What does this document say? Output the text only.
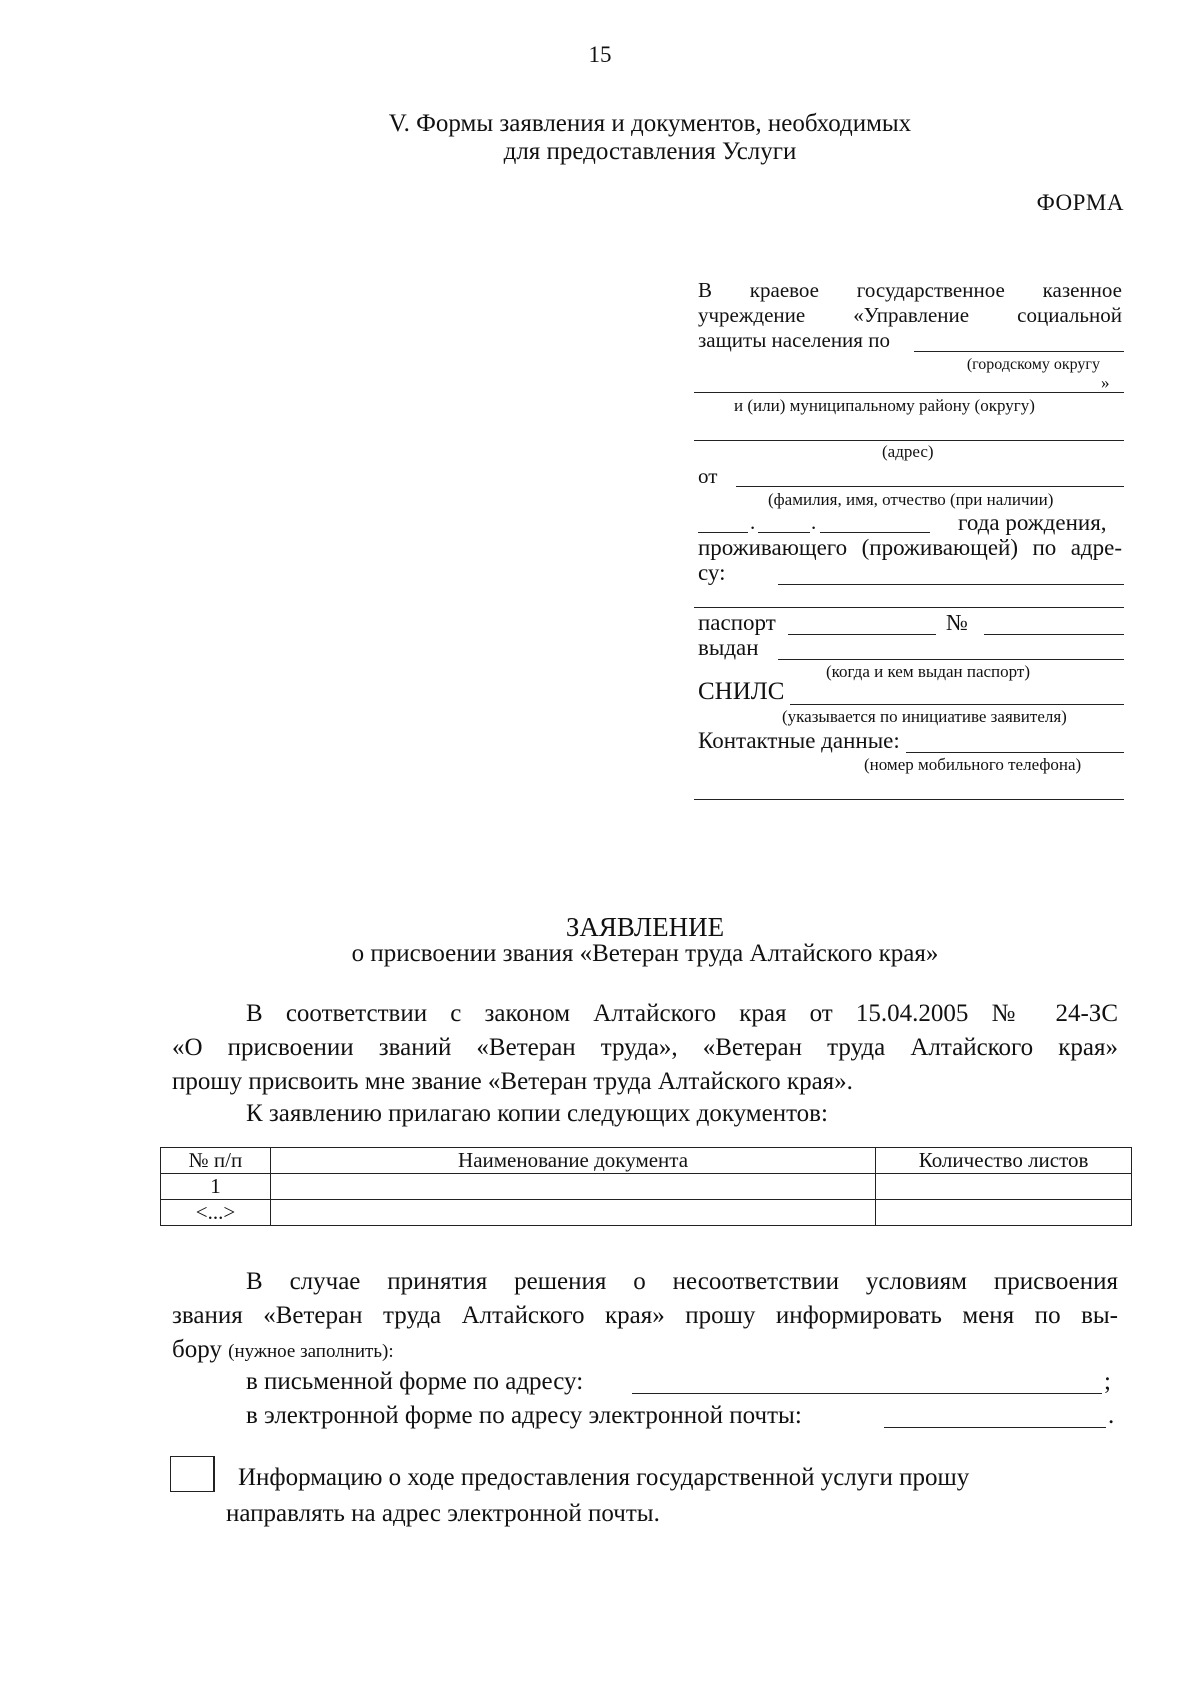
15
V. Формы заявления и документов, необходимых
для предоставления Услуги
ФОРМА
В краевое государственное казенное
учреждение «Управление социальной
защиты населения по
(городскому округу
»
и (или) муниципальному району (округу)
(адрес)
от
(фамилия, имя, отчество (при наличии)
.	.	года рождения,
проживающего (проживающей) по адре-
су:
паспорт	№
выдан
(когда и кем выдан паспорт)
СНИЛС
(указывается по инициативе заявителя)
Контактные данные:
(номер мобильного телефона)
ЗАЯВЛЕНИЕ
о присвоении звания «Ветеран труда Алтайского края»
В соответствии с законом Алтайского края от 15.04.2005 № 24-ЗС
«О присвоении званий «Ветеран труда», «Ветеран труда Алтайского края»
прошу присвоить мне звание «Ветеран труда Алтайского края».
К заявлению прилагаю копии следующих документов:
№ п/п	Наименование документа	Количество листов
1		
<...>		
В случае принятия решения о несоответствии условиям присвоения
звания «Ветеран труда Алтайского края» прошу информировать меня по вы-
бору (нужное заполнить):
в письменной форме по адресу:	;
в электронной форме по адресу электронной почты:	.
Информацию о ходе предоставления государственной услуги прошу
направлять на адрес электронной почты.
